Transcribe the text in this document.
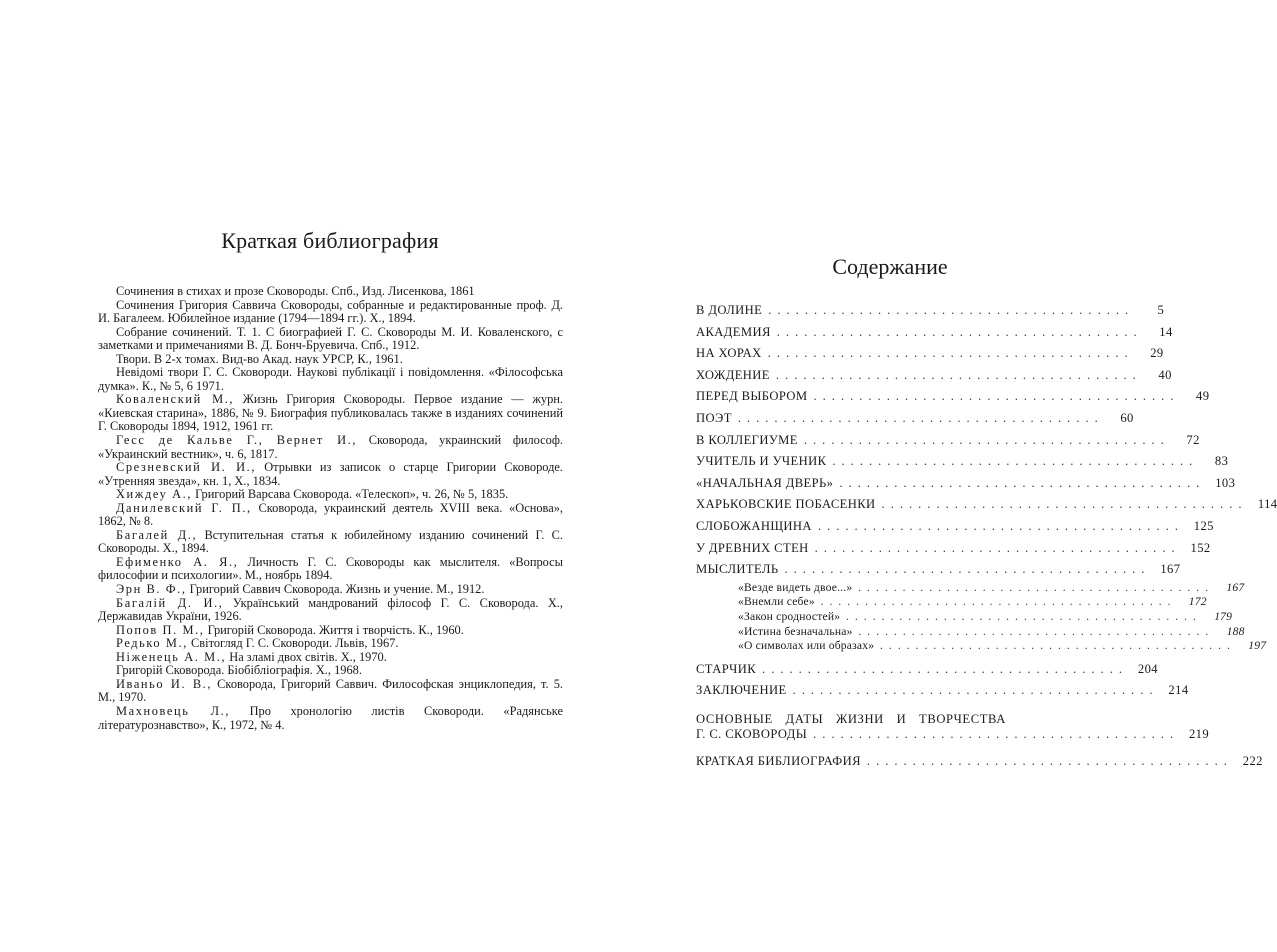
Краткая библиография

Сочинения в стихах и прозе Сковороды. Спб., Изд. Лисенкова, 1861

Сочинения Григория Саввича Сковороды, собранные и редактированные проф. Д. И. Багалеем. Юбилейное издание (1794—1894 гг.). Х., 1894.

Собрание сочинений. Т. 1. С биографией Г. С. Сковороды М. И. Коваленского, с заметками и примечаниями В. Д. Бонч-Бруевича. Спб., 1912.

Твори. В 2-х томах. Вид-во Акад. наук УРСР, К., 1961.

Невідомі твори Г. С. Сковороди. Наукові публікації і повідомлення. «Філософська думка». К., № 5, 6 1971.

Коваленский М., Жизнь Григория Сковороды. Первое издание — журн. «Киевская старина», 1886, № 9. Биография публиковалась также в изданиях сочинений Г. Сковороды 1894, 1912, 1961 гг.

Гесс де Кальве Г., Вернет И., Сковорода, украинский философ. «Украинский вестник», ч. 6, 1817.

Срезневский И. И., Отрывки из записок о старце Григории Сковороде. «Утренняя звезда», кн. 1, Х., 1834.

Хиждеу А., Григорий Варсава Сковорода. «Телескоп», ч. 26, № 5, 1835.

Данилевский Г. П., Сковорода, украинский деятель XVIII века. «Основа», 1862, № 8.

Багалей Д., Вступительная статья к юбилейному изданию сочинений Г. С. Сковороды. Х., 1894.

Ефименко А. Я., Личность Г. С. Сковороды как мыслителя. «Вопросы философии и психологии». М., ноябрь 1894.

Эрн В. Ф., Григорий Саввич Сковорода. Жизнь и учение. М., 1912.

Багалій Д. И., Український мандрований філософ Г. С. Сковорода. Х., Державидав України, 1926.

Попов П. М., Григорій Сковорода. Життя і творчість. К., 1960.

Редько М., Світогляд Г. С. Сковороди. Львів, 1967.

Ніженець А. М., На зламі двох світів. Х., 1970.

Григорій Сковорода. Біобібліографія. Х., 1968.

Иваньо И. В., Сковорода, Григорий Саввич. Философская энциклопедия, т. 5. М., 1970.

Махновець Л., Про хронологію листів Сковороди. «Радянське літературознавство», К., 1972, № 4.

Содержание
В ДОЛИНЕ ........................................	5
АКАДЕМИЯ ........................................	14
НА ХОРАХ ........................................	29
ХОЖДЕНИЕ ........................................	40
ПЕРЕД ВЫБОРОМ ........................................	49
ПОЭТ ........................................	60
В КОЛЛЕГИУМЕ ........................................	72
УЧИТЕЛЬ И УЧЕНИК ........................................	83
«НАЧАЛЬНАЯ ДВЕРЬ» ........................................ 103
ХАРЬКОВСКИЕ ПОБАСЕНКИ ........................................ 114
СЛОБОЖАНЩИНА ........................................ 125
У ДРЕВНИХ СТЕН ........................................ 152
МЫСЛИТЕЛЬ ........................................ 167
«Везде видеть двое...» ........................................	167
«Внемли себе» ........................................	172
«Закон сродностей» ........................................	179
«Истина безначальна» ........................................	188
«О символах или образах» ........................................	197
СТАРЧИК ........................................ 204
ЗАКЛЮЧЕНИЕ ........................................ 214
ОСНОВНЫЕ ДАТЫ ЖИЗНИ И ТВОРЧЕСТВА
Г. С. СКОВОРОДЫ ........................................ 219
КРАТКАЯ БИБЛИОГРАФИЯ ........................................ 222
